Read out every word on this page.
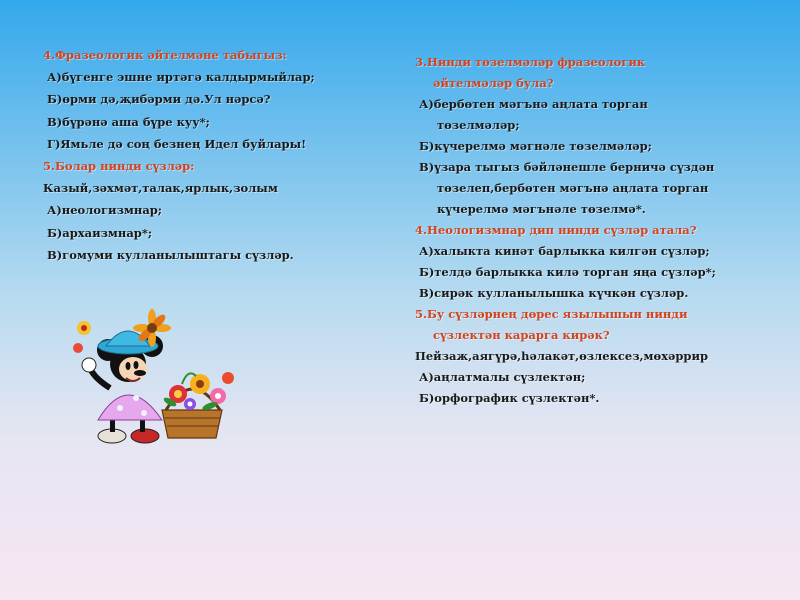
4.Фразеологик әйтелмәне табыгыз:
А)бүгенге эшне иртәгә калдырмыйлар;
Б)өрми дә,җибәрми дә.Ул нәрсә?
В)бүрәнә аша бүре куу*;
Г)Ямьле дә соң безнең Идел буйлары!
5.Болар нинди сүзләр:
Казый,зәхмәт,талак,ярлык,золым
А)неологизмнар;
Б)архаизмнар*;
В)гомуми кулланылыштагы сүзләр.
3.Нинди төзелмәләр фразеологик
әйтелмәләр була?
А)бербөтен мәгънә аңлата торган
төзелмәләр;
Б)күчерелмә мәгнәле төзелмәләр;
В)үзара тыгыз бәйләнешле берничә сүздән
төзелеп,бербөтен мәгънә аңлата торган
күчерелмә мәгънәле төзелмә*.
4.Неологизмнар дип нинди сүзләр атала?
А)халыкта кинәт барлыкка килгән сүзләр;
Б)телдә барлыкка килә торган яңа сүзләр*;
В)сирәк кулланылышка күчкән сүзләр.
5.Бу сүзләрнең дөрес язылышын нинди
сүзлектән карарга кирәк?
Пейзаж,аягүрә,һәлакәт,өзлексез,мөхәррир
А)аңлатмалы сүзлектән;
Б)орфографик сүзлектән*.
